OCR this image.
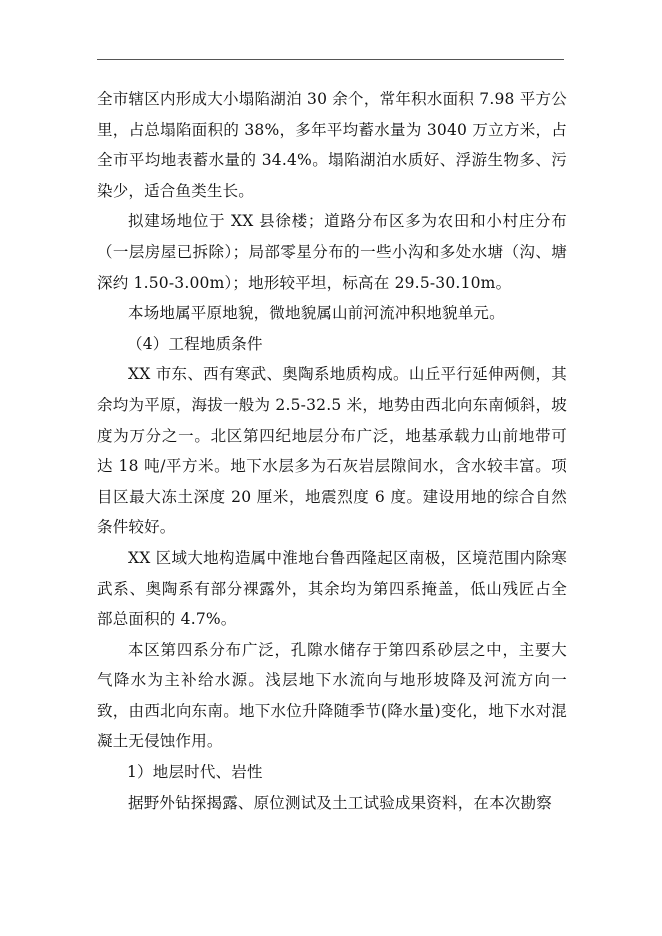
全市辖区内形成大小塌陷湖泊 30 余个，常年积水面积 7.98 平方公里，占总塌陷面积的 38%，多年平均蓄水量为 3040 万立方米，占全市平均地表蓄水量的 34.4%。塌陷湖泊水质好、浮游生物多、污染少，适合鱼类生长。

拟建场地位于 XX 县徐楼；道路分布区多为农田和小村庄分布（一层房屋已拆除）；局部零星分布的一些小沟和多处水塘（沟、塘深约 1.50-3.00m）；地形较平坦，标高在 29.5-30.10m。

本场地属平原地貌，微地貌属山前河流冲积地貌单元。

（4）工程地质条件

XX 市东、西有寒武、奥陶系地质构成。山丘平行延伸两侧，其余均为平原，海拔一般为 2.5-32.5 米，地势由西北向东南倾斜，坡度为万分之一。北区第四纪地层分布广泛，地基承载力山前地带可达 18 吨/平方米。地下水层多为石灰岩层隙间水，含水较丰富。项目区最大冻土深度 20 厘米，地震烈度 6 度。建设用地的综合自然条件较好。

XX 区域大地构造属中淮地台鲁西隆起区南极，区境范围内除寒武系、奥陶系有部分裸露外，其余均为第四系掩盖，低山残匠占全部总面积的 4.7%。

本区第四系分布广泛，孔隙水储存于第四系砂层之中，主要大气降水为主补给水源。浅层地下水流向与地形坡降及河流方向一致，由西北向东南。地下水位升降随季节(降水量)变化，地下水对混凝土无侵蚀作用。

1）地层时代、岩性

据野外钻探揭露、原位测试及土工试验成果资料，在本次勘察
